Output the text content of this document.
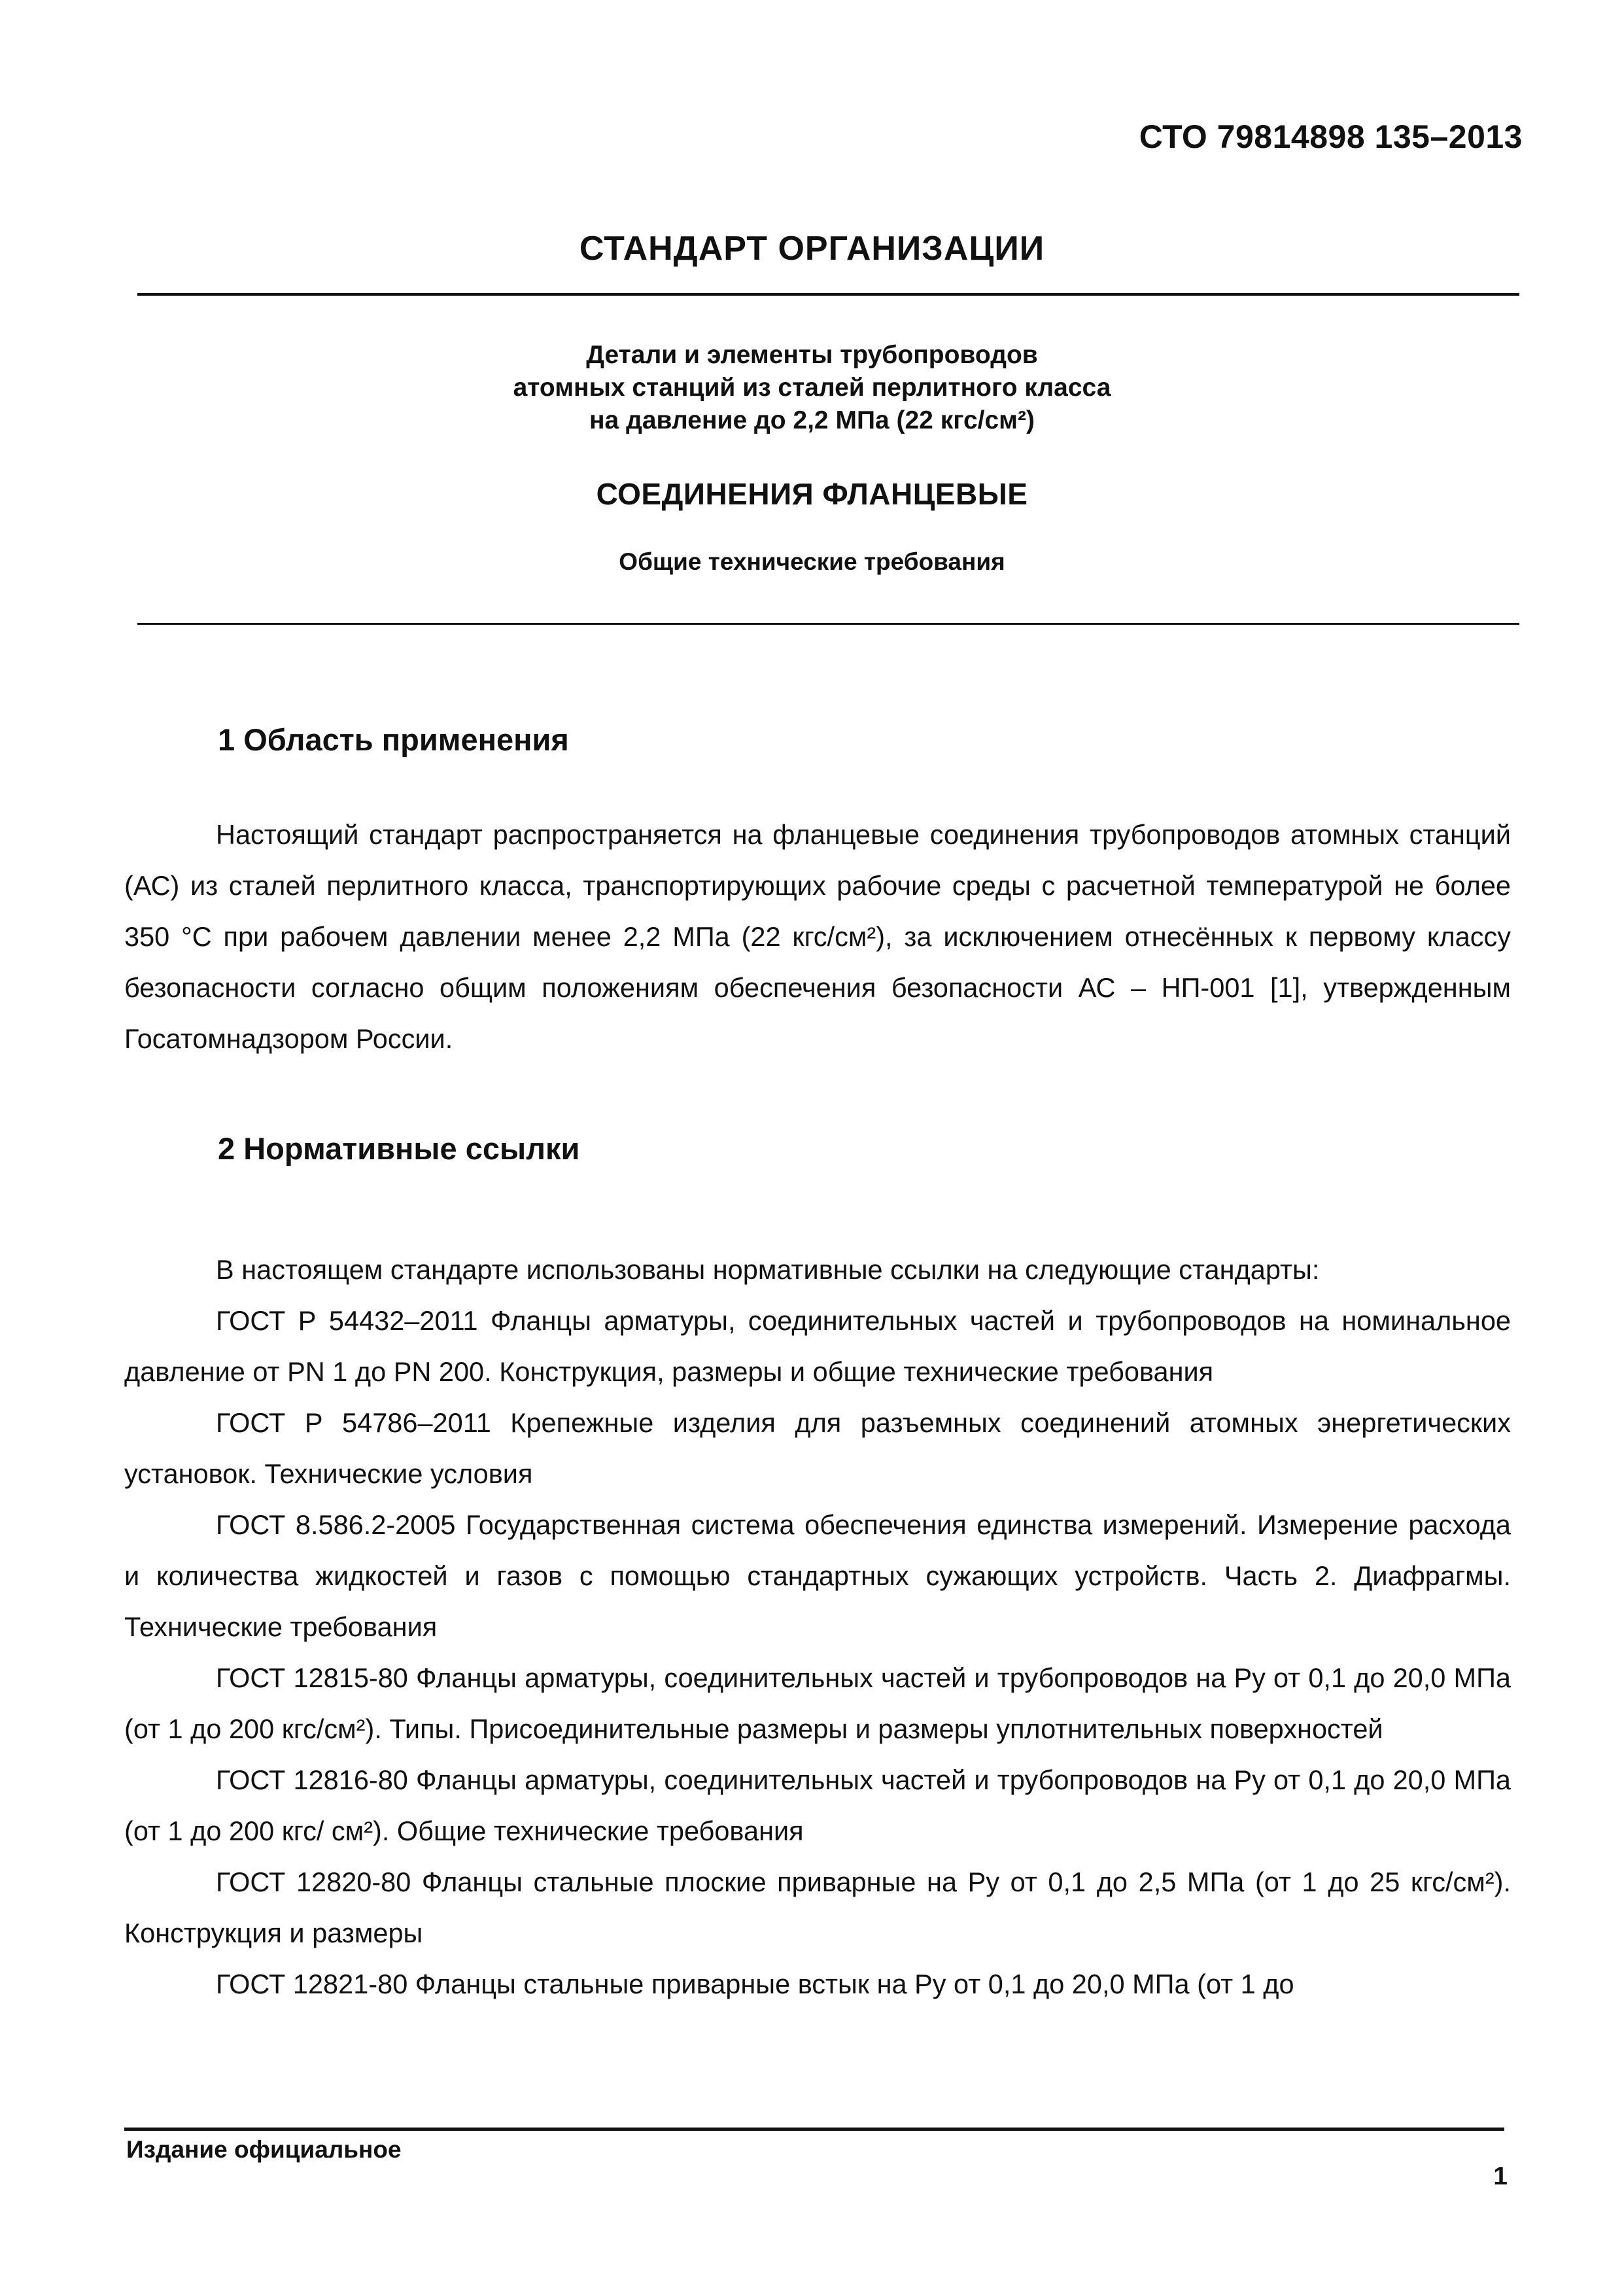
СТО 79814898 135–2013
СТАНДАРТ ОРГАНИЗАЦИИ
Детали и элементы трубопроводов
атомных станций из сталей перлитного класса
на давление до 2,2 МПа (22 кгс/см²)
СОЕДИНЕНИЯ ФЛАНЦЕВЫЕ
Общие технические требования
1 Область применения

Настоящий стандарт распространяется на фланцевые соединения трубопроводов атомных станций (АС) из сталей перлитного класса, транспортирующих рабочие среды с расчетной температурой не более 350 °С при рабочем давлении менее 2,2 МПа (22 кгс/см²), за исключением отнесённых к первому классу безопасности согласно общим положениям обеспечения безопасности АС – НП-001 [1], утвержденным Госатомнадзором России.

2 Нормативные ссылки

В настоящем стандарте использованы нормативные ссылки на следующие стандарты:

ГОСТ Р 54432–2011 Фланцы арматуры, соединительных частей и трубопроводов на номинальное давление от PN 1 до PN 200. Конструкция, размеры и общие технические требования

ГОСТ Р 54786–2011 Крепежные изделия для разъемных соединений атомных энергетических установок. Технические условия

ГОСТ 8.586.2-2005 Государственная система обеспечения единства измерений. Измерение расхода и количества жидкостей и газов с помощью стандартных сужающих устройств. Часть 2. Диафрагмы. Технические требования

ГОСТ 12815-80 Фланцы арматуры, соединительных частей и трубопроводов на Ру от 0,1 до 20,0 МПа (от 1 до 200 кгс/см²). Типы. Присоединительные размеры и размеры уплотнительных поверхностей

ГОСТ 12816-80 Фланцы арматуры, соединительных частей и трубопроводов на Ру от 0,1 до 20,0 МПа (от 1 до 200 кгс/ см²). Общие технические требования

ГОСТ 12820-80 Фланцы стальные плоские приварные на Ру от 0,1 до 2,5 МПа (от 1 до 25 кгс/см²). Конструкция и размеры

ГОСТ 12821-80 Фланцы стальные приварные встык на Ру от 0,1 до 20,0 МПа (от 1 до

Издание официальное
1
